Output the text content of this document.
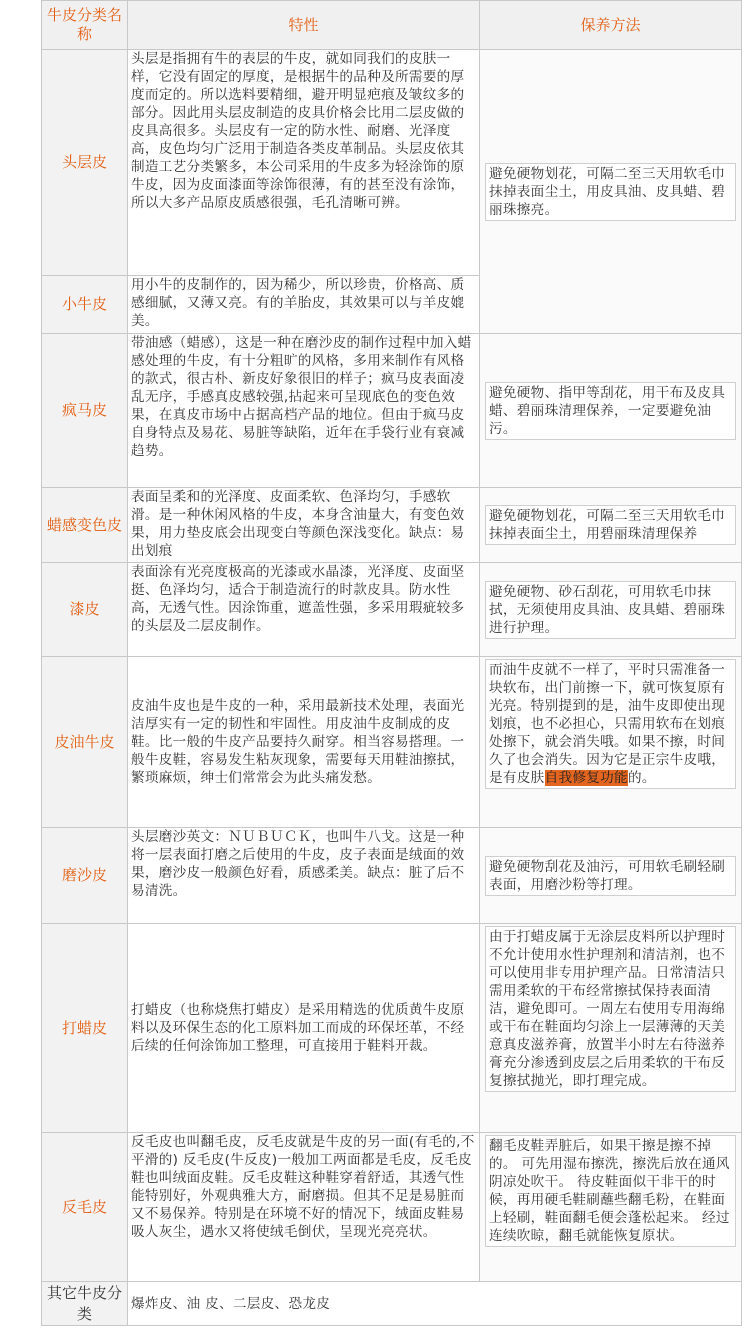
牛皮分类名称	特性	保养方法
头层皮	头层是指拥有牛的表层的牛皮，就如同我们的皮肤一样，它没有固定的厚度，是根据牛的品种及所需要的厚度而定的。所以选料要精细，避开明显疤痕及皱纹多的部分。因此用头层皮制造的皮具价格会比用二层皮做的皮具高很多。头层皮有一定的防水性、耐磨、光泽度高，皮色均匀广泛用于制造各类皮革制品。头层皮依其制造工艺分类繁多，本公司采用的牛皮多为轻涂饰的原牛皮，因为皮面漆面等涂饰很薄，有的甚至没有涂饰，所以大多产品原皮质感很强，毛孔清晰可辨。	避免硬物划花，可隔二至三天用软毛巾抹掉表面尘土，用皮具油、皮具蜡、碧丽珠擦亮。

小牛皮	用小牛的皮制作的，因为稀少，所以珍贵，价格高、质感细腻，又薄又亮。有的羊胎皮，其效果可以与羊皮媲美。	
疯马皮	带油感（蜡感），这是一种在磨沙皮的制作过程中加入蜡感处理的牛皮，有十分粗旷的风格，多用来制作有风格的款式，很古朴、新皮好象很旧的样子；疯马皮表面凌乱无序，手感真皮感较强,拈起来可呈现底色的变色效果，在真皮市场中占据高档产品的地位。但由于疯马皮自身特点及易花、易脏等缺陷，近年在手袋行业有衰减趋势。	避免硬物、指甲等刮花，用干布及皮具蜡、碧丽珠清理保养，一定要避免油污。

蜡感变色皮	表面呈柔和的光泽度、皮面柔软、色泽均匀，手感软滑。是一种休闲风格的牛皮，本身含油量大，有变色效果，用力垫皮底会出现变白等颜色深浅变化。缺点：易出划痕	避免硬物划花，可隔二至三天用软毛巾抹掉表面尘土，用碧丽珠清理保养

漆皮	表面涂有光亮度极高的光漆或水晶漆，光泽度、皮面坚挺、色泽均匀，适合于制造流行的时款皮具。防水性高，无透气性。因涂饰重，遮盖性强，多采用瑕疵较多的头层及二层皮制作。	避免硬物、砂石刮花，可用软毛巾抹拭，无须使用皮具油、皮具蜡、碧丽珠进行护理。

皮油牛皮	皮油牛皮也是牛皮的一种，采用最新技术处理，表面光洁厚实有一定的韧性和牢固性。用皮油牛皮制成的皮鞋。比一般的牛皮产品要持久耐穿。相当容易搭理。一般牛皮鞋，容易发生粘灰现象，需要每天用鞋油擦拭，繁琐麻烦，绅士们常常会为此头痛发愁。	而油牛皮就不一样了，平时只需准备一块软布，出门前擦一下，就可恢复原有光亮。特别提到的是，油牛皮即使出现划痕，也不必担心，只需用软布在划痕处擦下，就会消失哦。如果不擦，时间久了也会消失。因为它是正宗牛皮哦，是有皮肤自我修复功能的。

磨沙皮	头层磨沙英文：ＮＵＢＵＣＫ，也叫牛八戈。这是一种将一层表面打磨之后使用的牛皮，皮子表面是绒面的效果，磨沙皮一般颜色好看，质感柔美。缺点：脏了后不易清洗。	避免硬物刮花及油污，可用软毛刷轻刷表面，用磨沙粉等打理。

打蜡皮	打蜡皮（也称烧焦打蜡皮）是采用精选的优质黄牛皮原料以及环保生态的化工原料加工而成的环保坯革，不经后续的任何涂饰加工整理，可直接用于鞋料开裁。	由于打蜡皮属于无涂层皮料所以护理时不允计使用水性护理剂和清洁剂，也不可以使用非专用护理产品。日常清洁只需用柔软的干布经常擦拭保持表面清洁，避免即可。一周左右使用专用海绵或干布在鞋面均匀涂上一层薄薄的天美意真皮滋养膏，放置半小时左右待滋养膏充分渗透到皮层之后用柔软的干布反复擦拭抛光，即打理完成。

反毛皮	反毛皮也叫翻毛皮，反毛皮就是牛皮的另一面(有毛的,不平滑的) 反毛皮(牛反皮)一般加工两面都是毛皮，反毛皮鞋也叫绒面皮鞋。反毛皮鞋这种鞋穿着舒适，其透气性能特别好，外观典雅大方，耐磨损。但其不足是易脏而又不易保养。特别是在环境不好的情况下，绒面皮鞋易吸人灰尘，遇水又将使绒毛倒伏，呈现光亮亮状。	翻毛皮鞋弄脏后，如果干擦是擦不掉的。 可先用湿布擦洗，擦洗后放在通风阴凉处吹干。 待皮鞋面似干非干的时候，再用硬毛鞋刷蘸些翻毛粉，在鞋面上轻刷，鞋面翻毛便会蓬松起来。 经过连续吹晾，翻毛就能恢复原状。

其它牛皮分类	爆炸皮、油 皮、二层皮、恐龙皮	
